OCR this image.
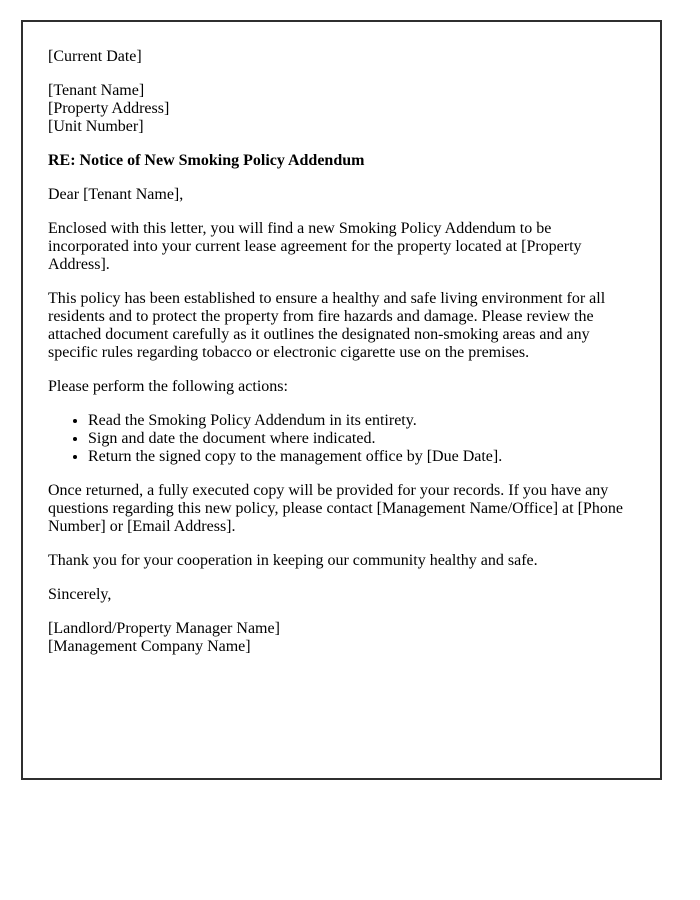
[Current Date]

[Tenant Name]
[Property Address]
[Unit Number]

RE: Notice of New Smoking Policy Addendum

Dear [Tenant Name],

Enclosed with this letter, you will find a new Smoking Policy Addendum to be incorporated into your current lease agreement for the property located at [Property Address].

This policy has been established to ensure a healthy and safe living environment for all residents and to protect the property from fire hazards and damage. Please review the attached document carefully as it outlines the designated non-smoking areas and any specific rules regarding tobacco or electronic cigarette use on the premises.

Please perform the following actions:

• Read the Smoking Policy Addendum in its entirety.
• Sign and date the document where indicated.
• Return the signed copy to the management office by [Due Date].

Once returned, a fully executed copy will be provided for your records. If you have any questions regarding this new policy, please contact [Management Name/Office] at [Phone Number] or [Email Address].

Thank you for your cooperation in keeping our community healthy and safe.

Sincerely,

[Landlord/Property Manager Name]
[Management Company Name]
